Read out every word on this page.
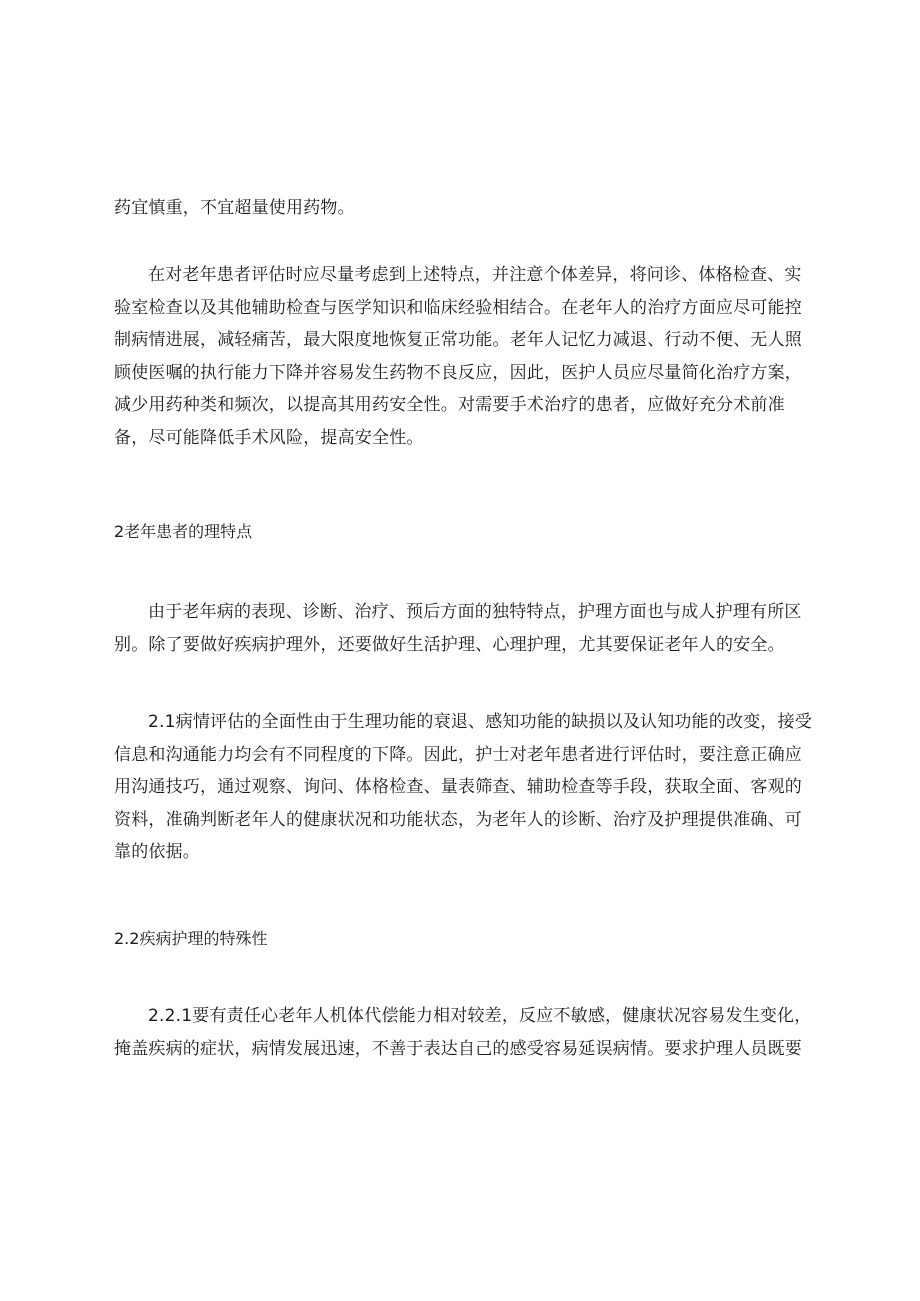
药宜慎重，不宜超量使用药物。
在对老年患者评估时应尽量考虑到上述特点，并注意个体差异，将问诊、体格检查、实
验室检查以及其他辅助检查与医学知识和临床经验相结合。在老年人的治疗方面应尽可能控
制病情进展，减轻痛苦，最大限度地恢复正常功能。老年人记忆力减退、行动不便、无人照
顾使医嘱的执行能力下降并容易发生药物不良反应，因此，医护人员应尽量简化治疗方案，
减少用药种类和频次，以提高其用药安全性。对需要手术治疗的患者，应做好充分术前准
备，尽可能降低手术风险，提高安全性。
2老年患者的理特点
由于老年病的表现、诊断、治疗、预后方面的独特特点，护理方面也与成人护理有所区
别。除了要做好疾病护理外，还要做好生活护理、心理护理，尤其要保证老年人的安全。
2.1病情评估的全面性由于生理功能的衰退、感知功能的缺损以及认知功能的改变，接受
信息和沟通能力均会有不同程度的下降。因此，护士对老年患者进行评估时，要注意正确应
用沟通技巧，通过观察、询问、体格检查、量表筛查、辅助检查等手段，获取全面、客观的
资料，准确判断老年人的健康状况和功能状态，为老年人的诊断、治疗及护理提供准确、可
靠的依据。
2.2疾病护理的特殊性
2.2.1要有责任心老年人机体代偿能力相对较差，反应不敏感，健康状况容易发生变化，
掩盖疾病的症状，病情发展迅速，不善于表达自己的感受容易延误病情。要求护理人员既要
